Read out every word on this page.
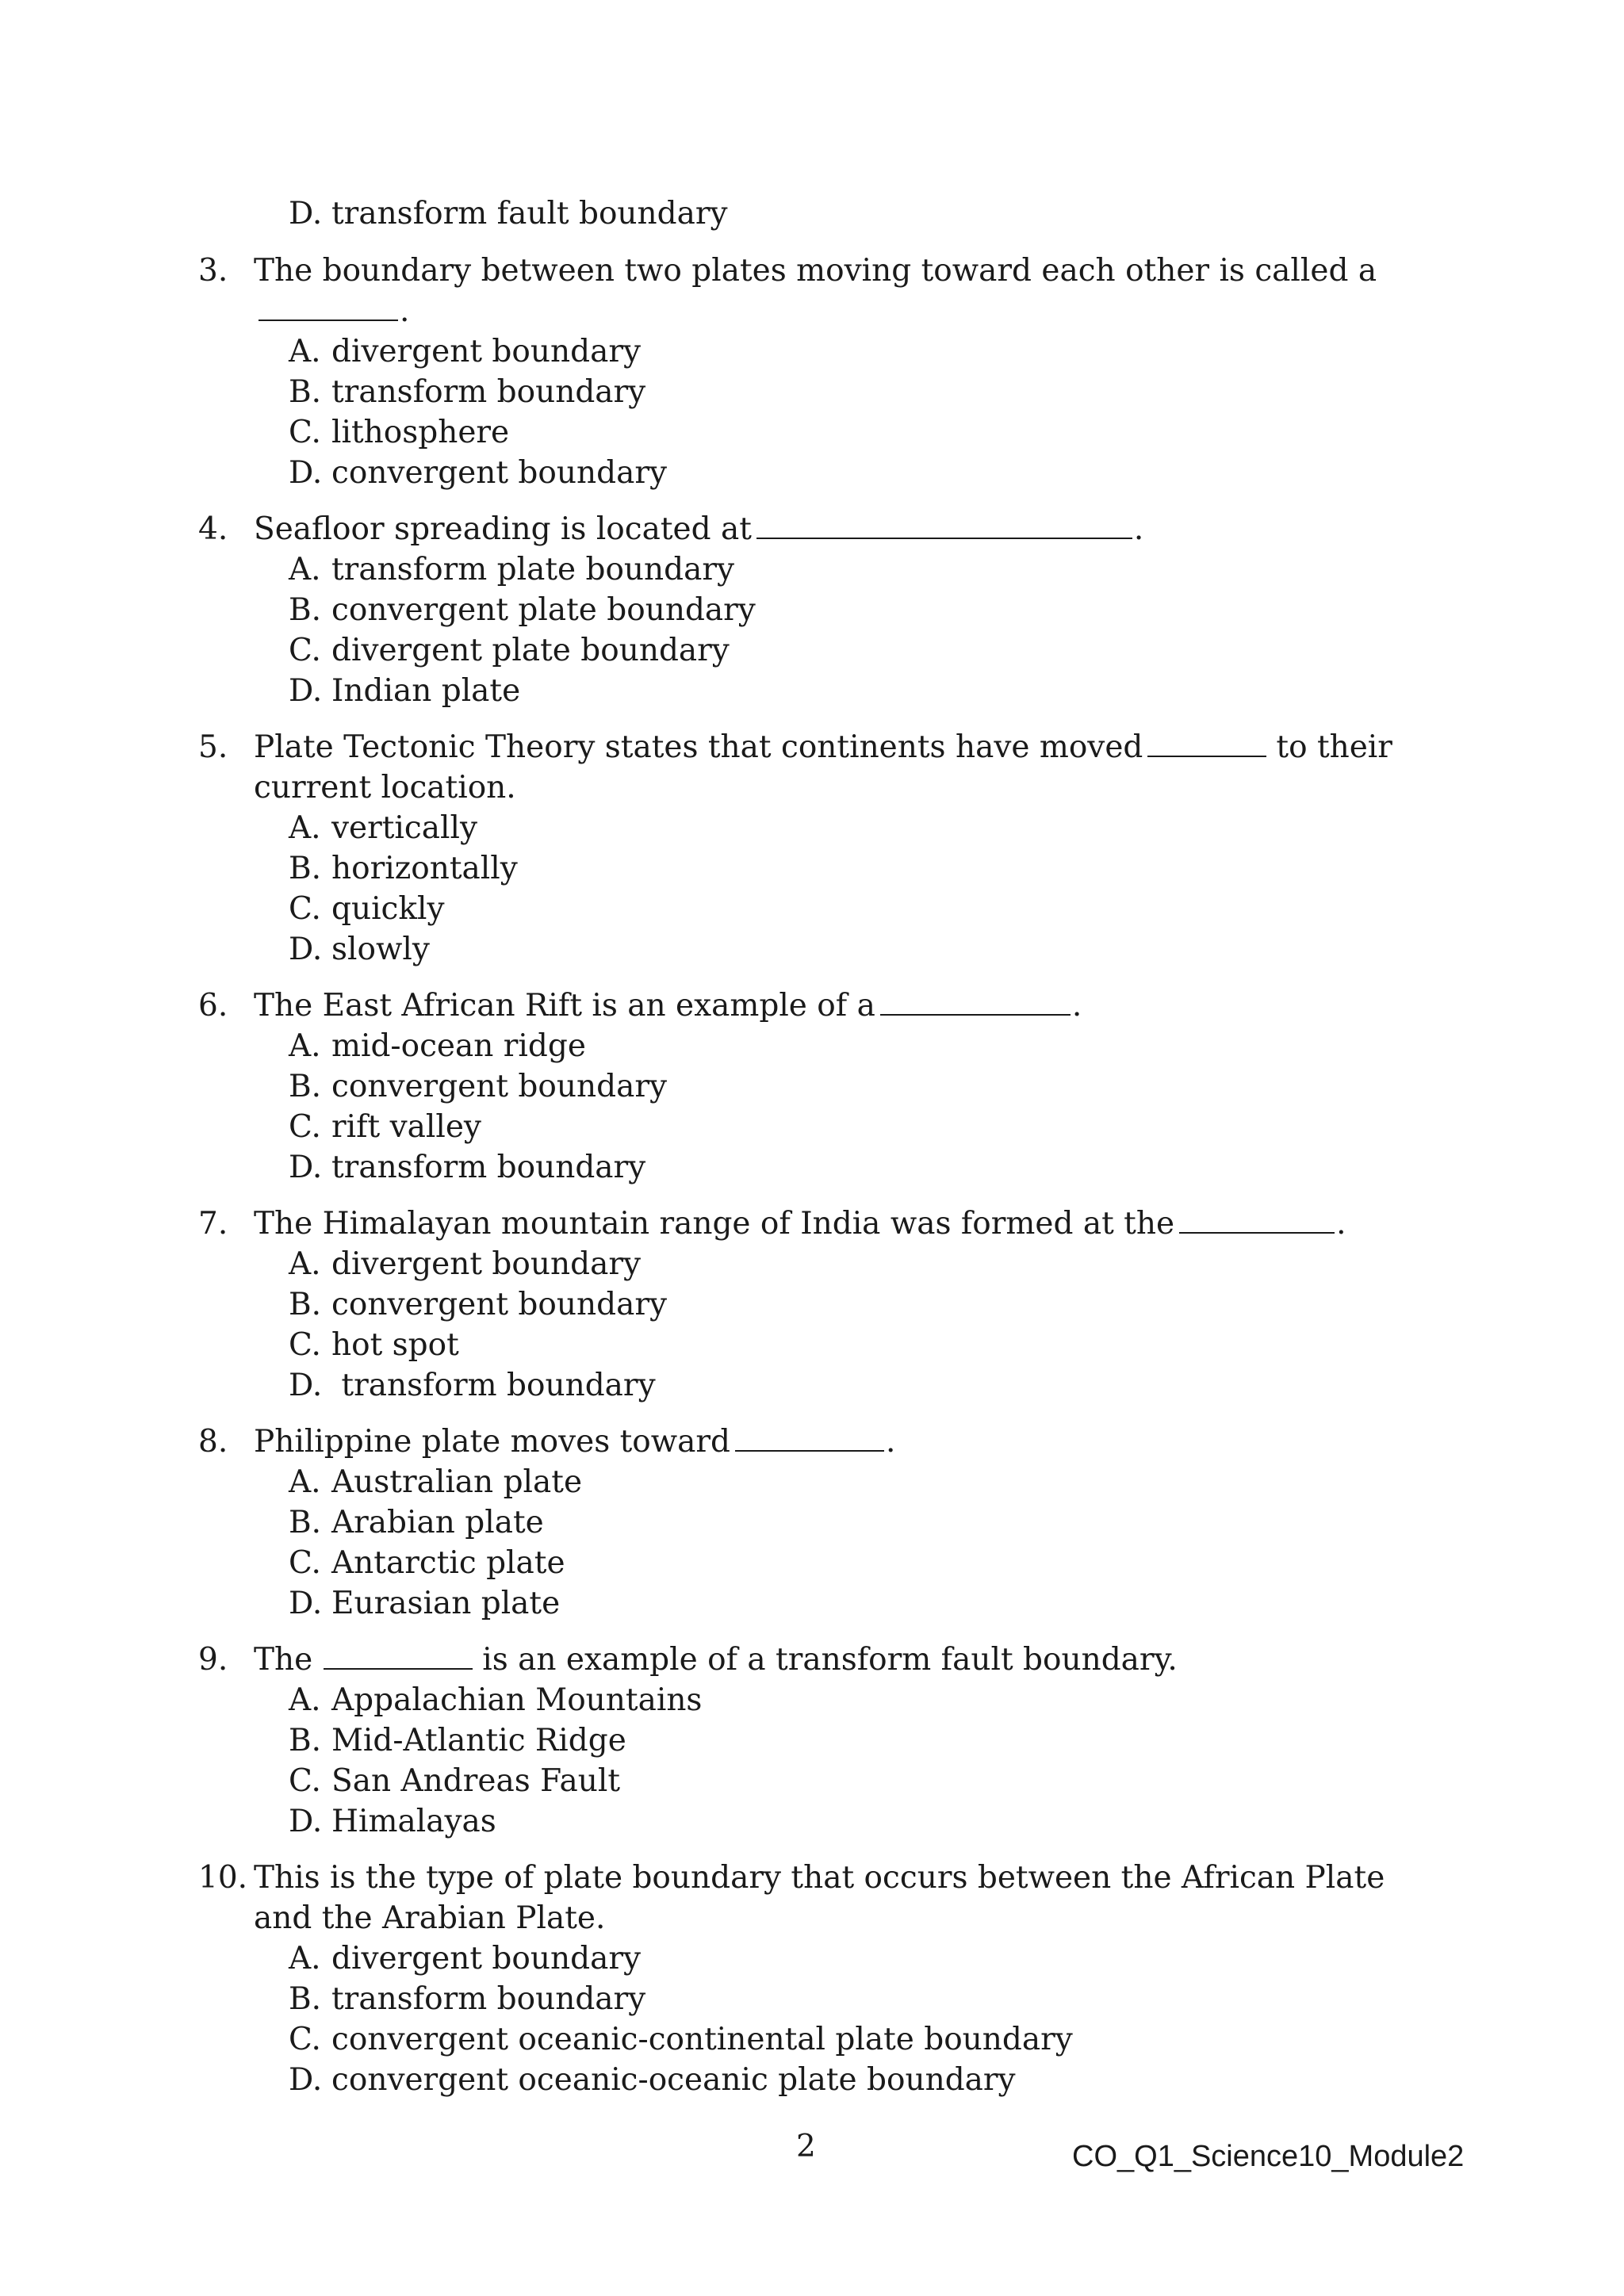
D. transform fault boundary
3. The boundary between two plates moving toward each other is called a.
A. divergent boundary
B. transform boundary
C. lithosphere
D. convergent boundary
4. Seafloor spreading is located at	.
A. transform plate boundary
B. convergent plate boundary
C. divergent plate boundary
D. Indian plate
5. Plate Tectonic Theory states that continents have moved	to their current location.
A. vertically
B. horizontally
C. quickly
D. slowly
6. The East African Rift is an example of a	.
A. mid-ocean ridge
B. convergent boundary
C. rift valley
D. transform boundary
7. The Himalayan mountain range of India was formed at the	.
A. divergent boundary
B. convergent boundary
C. hot spot
D. transform boundary
8. Philippine plate moves toward	.
A. Australian plate
B. Arabian plate
C. Antarctic plate
D. Eurasian plate
9. The	is an example of a transform fault boundary.
A. Appalachian Mountains
B. Mid-Atlantic Ridge
C. San Andreas Fault
D. Himalayas
10. This is the type of plate boundary that occurs between the African Plate and the Arabian Plate.
A. divergent boundary
B. transform boundary
C. convergent oceanic-continental plate boundary
D. convergent oceanic-oceanic plate boundary
2	CO_Q1_Science10_Module2
